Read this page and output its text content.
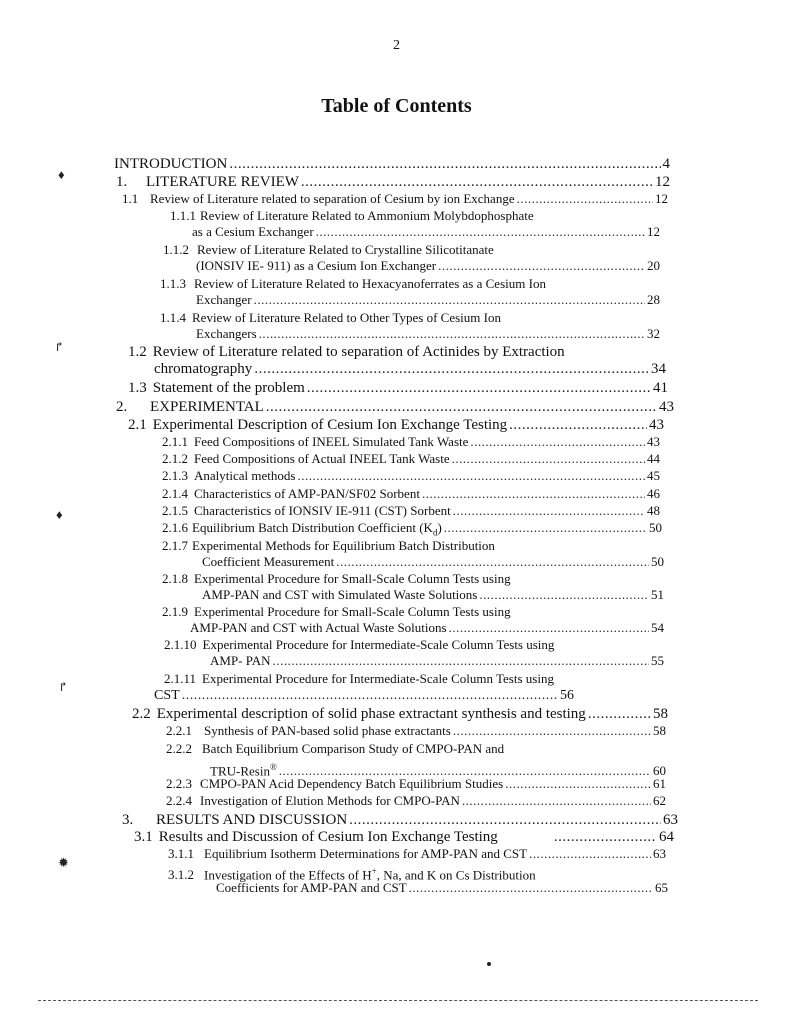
2
Table of Contents
♦
↱
♦
↱
✹
INTRODUCTION .....	4
1.	LITERATURE REVIEW .....	12
1.1 Review of Literature related to separation of Cesium by ion Exchange .....	12
1.1.1 Review of Literature Related to Ammonium Molybdophosphate
as a Cesium Exchanger .....	12
1.1.2 Review of Literature Related to Crystalline Silicotitanate
(IONSIV IE- 911) as a Cesium Ion Exchanger .....	20
1.1.3 Review of Literature Related to Hexacyanoferrates as a Cesium Ion
Exchanger .....	28
1.1.4 Review of Literature Related to Other Types of Cesium Ion
Exchangers .....	32
1.2 Review of Literature related to separation of Actinides by Extraction
chromatography .....	34
1.3 Statement of the problem .....	41
2.	EXPERIMENTAL .....	43
2.1 Experimental Description of Cesium Ion Exchange Testing .....	43
2.1.1 Feed Compositions of INEEL Simulated Tank Waste .....	43
2.1.2 Feed Compositions of Actual INEEL Tank Waste .....	44
2.1.3 Analytical methods .....	45
2.1.4 Characteristics of AMP-PAN/SF02 Sorbent .....	46
2.1.5 Characteristics of IONSIV IE-911 (CST) Sorbent .....	48
2.1.6 Equilibrium Batch Distribution Coefficient $(K_d)$ .....	50
2.1.7 Experimental Methods for Equilibrium Batch Distribution
Coefficient Measurement .....	50
2.1.8 Experimental Procedure for Small-Scale Column Tests using
AMP-PAN and CST with Simulated Waste Solutions .....	51
2.1.9 Experimental Procedure for Small-Scale Column Tests using
AMP-PAN and CST with Actual Waste Solutions .....	54
2.1.10 Experimental Procedure for Intermediate-Scale Column Tests using
AMP- PAN .....	55
2.1.11 Experimental Procedure for Intermediate-Scale Column Tests using
CST .....	56
2.2 Experimental description of solid phase extractant synthesis and testing .....	58
2.2.1 Synthesis of PAN-based solid phase extractants .....	58
2.2.2 Batch Equilibrium Comparison Study of CMPO-PAN and
TRU-Resin® .....	60
2.2.3 CMPO-PAN Acid Dependency Batch Equilibrium Studies .....	61
2.2.4 Investigation of Elution Methods for CMPO-PAN .....	62
3.	RESULTS AND DISCUSSION .....	63
3.1 Results and Discussion of Cesium Ion Exchange Testing .....	64
3.1.1 Equilibrium Isotherm Determinations for AMP-PAN and CST .....	63
3.1.2 Investigation of the Effects of H+, Na, and K on Cs Distribution
Coefficients for AMP-PAN and CST .....	65
